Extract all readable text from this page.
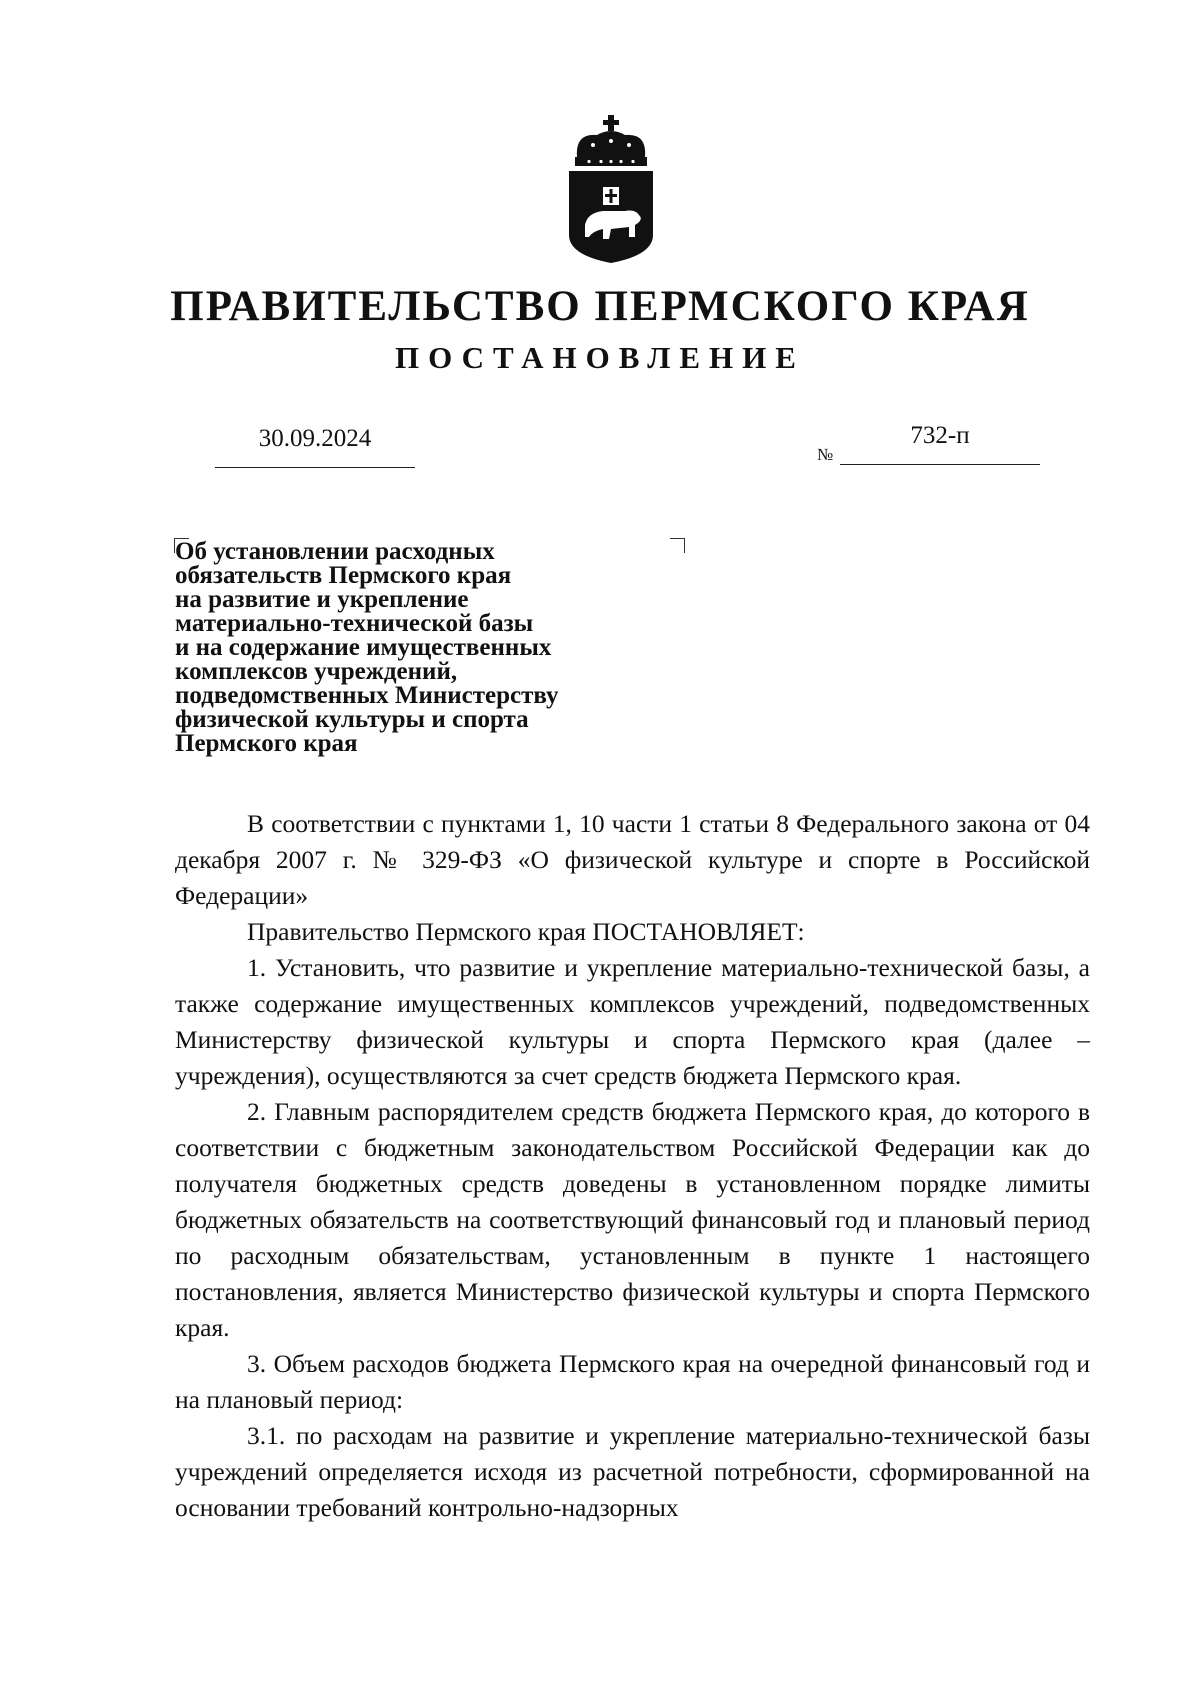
ПРАВИТЕЛЬСТВО ПЕРМСКОГО КРАЯ
ПОСТАНОВЛЕНИЕ
30.09.2024
№
732-п
Об установлении расходных
обязательств Пермского края
на развитие и укрепление
материально-технической базы
и на содержание имущественных
комплексов учреждений,
подведомственных Министерству
физической культуры и спорта
Пермского края

В соответствии с пунктами 1, 10 части 1 статьи 8 Федерального закона от 04 декабря 2007 г. № 329-ФЗ «О физической культуре и спорте в Российской Федерации»

Правительство Пермского края ПОСТАНОВЛЯЕТ:

1. Установить, что развитие и укрепление материально-технической базы, а также содержание имущественных комплексов учреждений, подведомственных Министерству физической культуры и спорта Пермского края (далее – учреждения), осуществляются за счет средств бюджета Пермского края.

2. Главным распорядителем средств бюджета Пермского края, до которого в соответствии с бюджетным законодательством Российской Федерации как до получателя бюджетных средств доведены в установленном порядке лимиты бюджетных обязательств на соответствующий финансовый год и плановый период по расходным обязательствам, установленным в пункте 1 настоящего постановления, является Министерство физической культуры и спорта Пермского края.

3. Объем расходов бюджета Пермского края на очередной финансовый год и на плановый период:

3.1. по расходам на развитие и укрепление материально-технической базы учреждений определяется исходя из расчетной потребности, сформированной на основании требований контрольно-надзорных
